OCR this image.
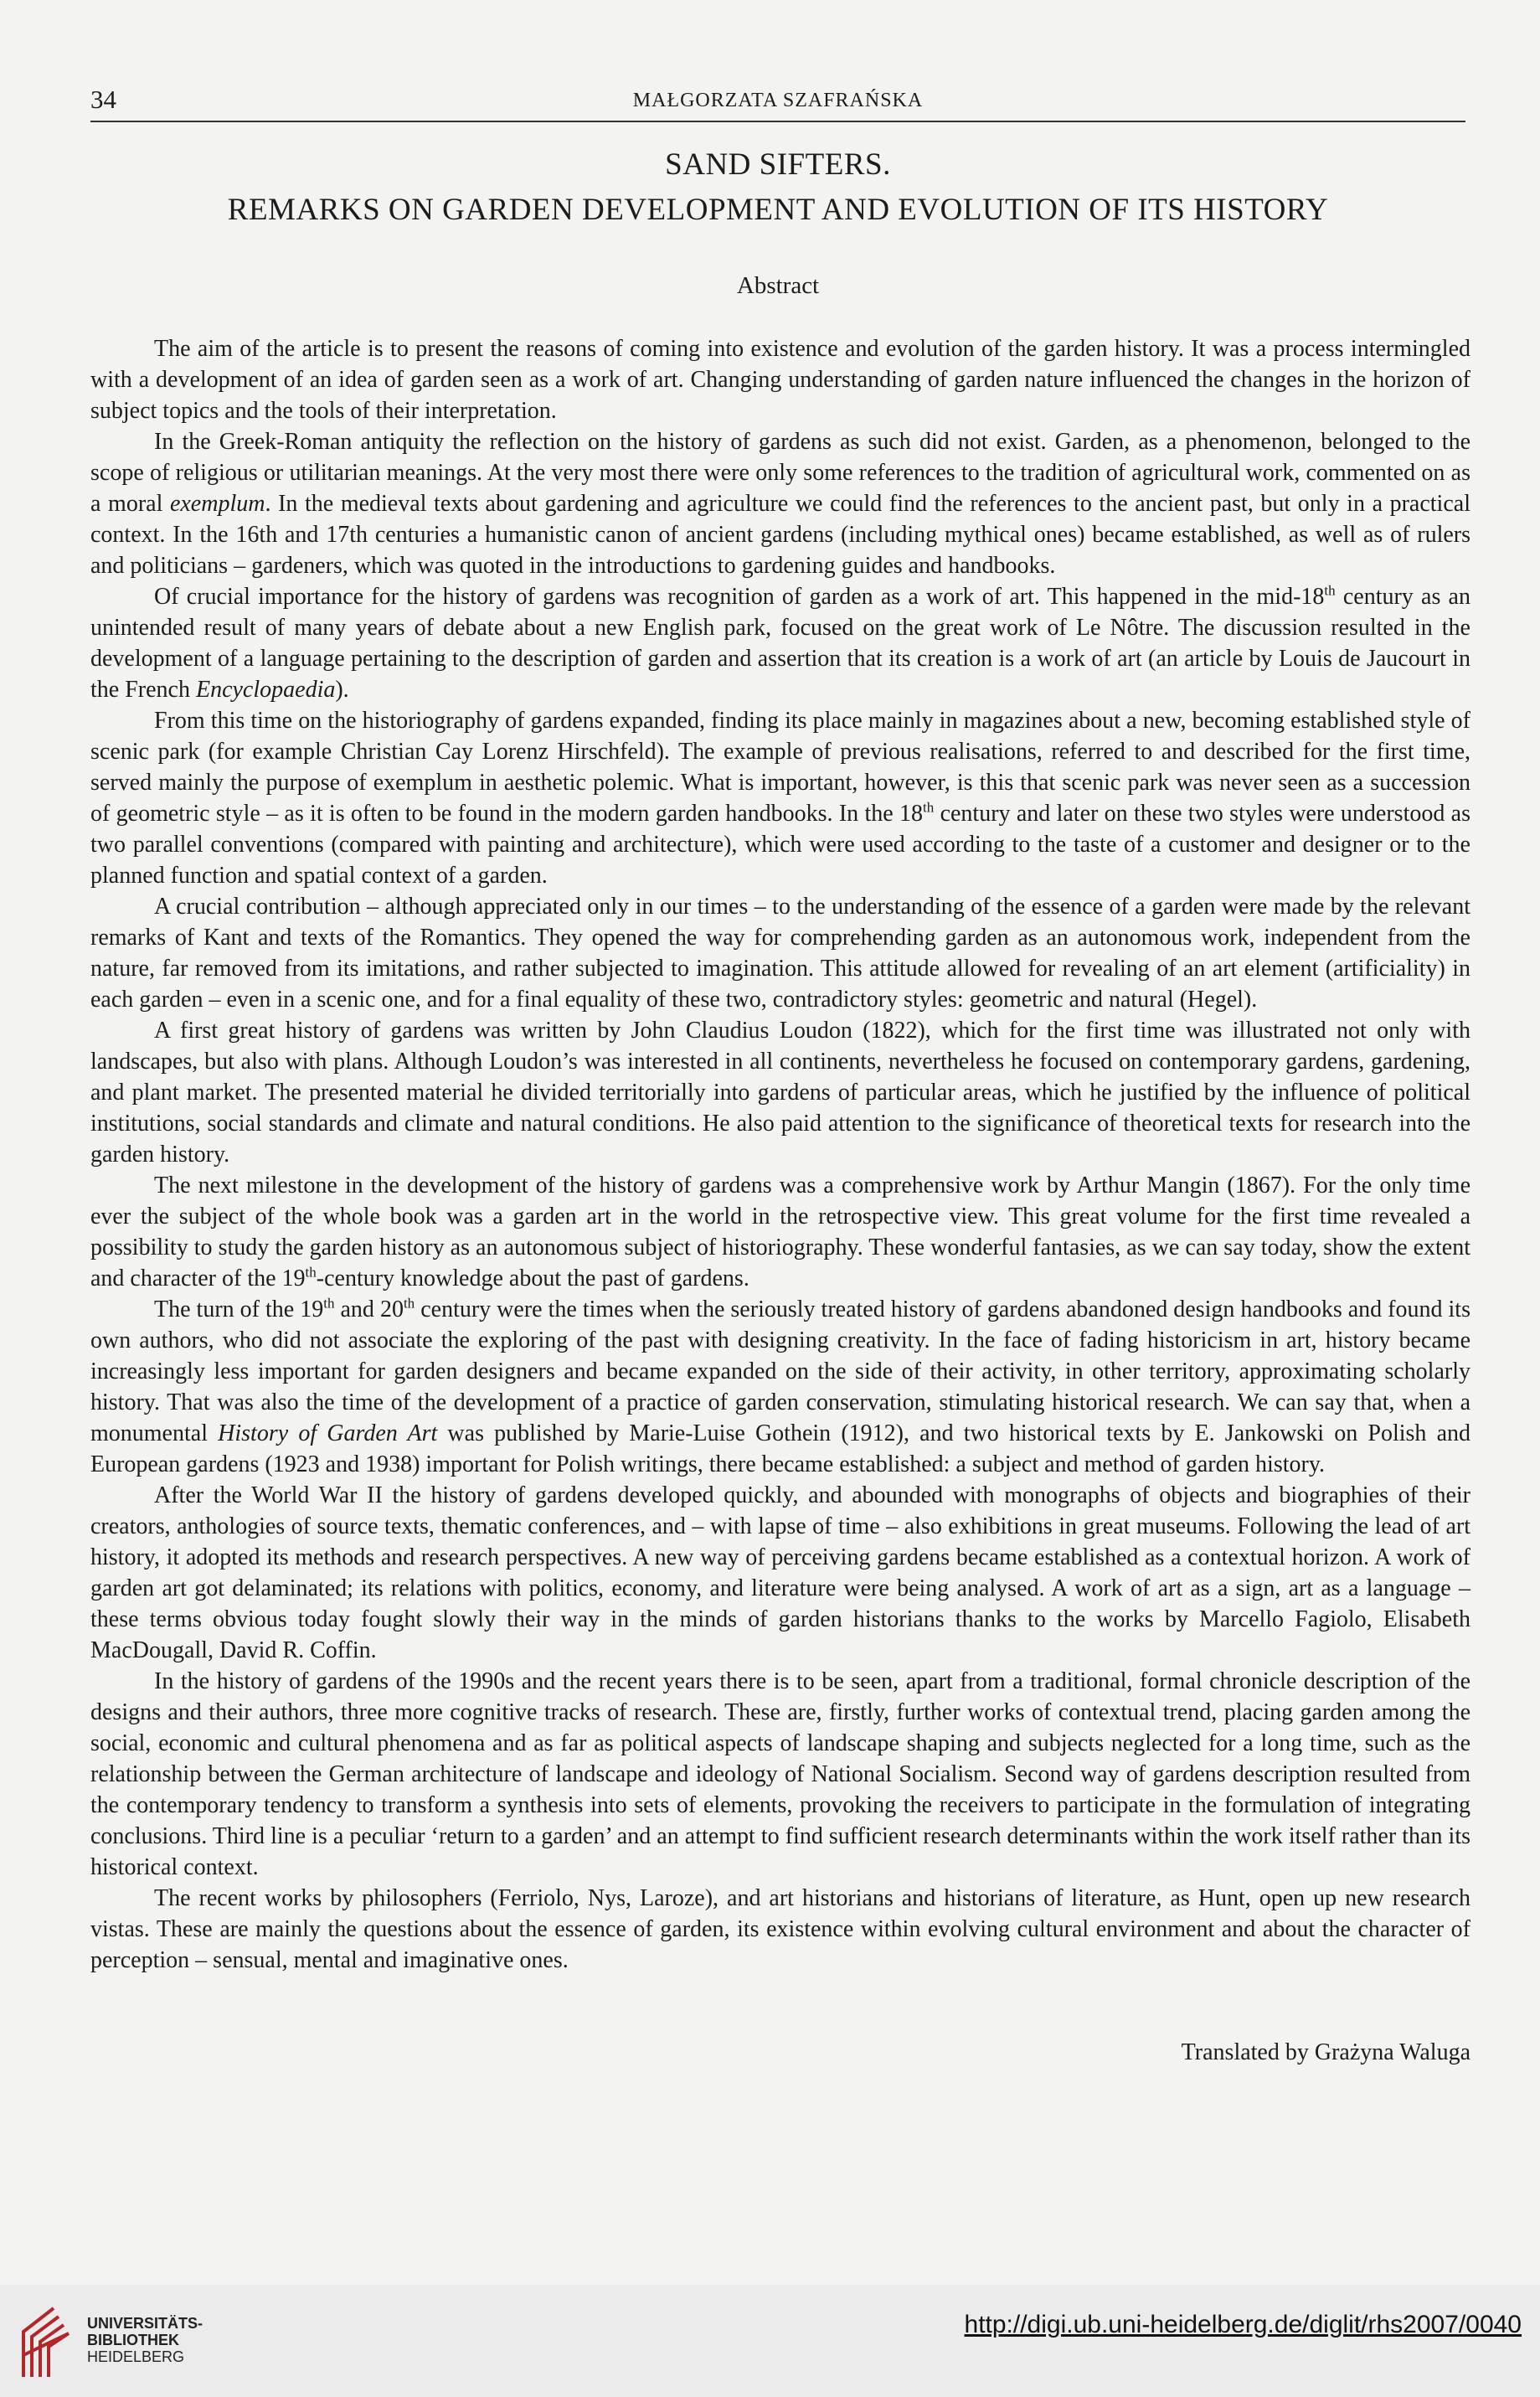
34	MAŁGORZATA SZAFRAŃSKA
SAND SIFTERS.
REMARKS ON GARDEN DEVELOPMENT AND EVOLUTION OF ITS HISTORY
Abstract

The aim of the article is to present the reasons of coming into existence and evolution of the garden history. It was a process intermingled with a development of an idea of garden seen as a work of art. Changing understanding of garden nature influenced the changes in the horizon of subject topics and the tools of their interpretation.

In the Greek-Roman antiquity the reflection on the history of gardens as such did not exist. Garden, as a phenomenon, belonged to the scope of religious or utilitarian meanings. At the very most there were only some references to the tradition of agricultural work, commented on as a moral exemplum. In the medieval texts about gardening and agriculture we could find the references to the ancient past, but only in a practical context. In the 16th and 17th centuries a humanistic canon of ancient gardens (including mythical ones) became established, as well as of rulers and politicians – gardeners, which was quoted in the introductions to gardening guides and handbooks.

Of crucial importance for the history of gardens was recognition of garden as a work of art. This happened in the mid-18th century as an unintended result of many years of debate about a new English park, focused on the great work of Le Nôtre. The discussion resulted in the development of a language pertaining to the description of garden and assertion that its creation is a work of art (an article by Louis de Jaucourt in the French Encyclopaedia).

From this time on the historiography of gardens expanded, finding its place mainly in magazines about a new, becoming established style of scenic park (for example Christian Cay Lorenz Hirschfeld). The example of previous realisations, referred to and described for the first time, served mainly the purpose of exemplum in aesthetic polemic. What is important, however, is this that scenic park was never seen as a succession of geometric style – as it is often to be found in the modern garden handbooks. In the 18th century and later on these two styles were understood as two parallel conventions (compared with painting and architecture), which were used according to the taste of a customer and designer or to the planned function and spatial context of a garden.

A crucial contribution – although appreciated only in our times – to the understanding of the essence of a garden were made by the relevant remarks of Kant and texts of the Romantics. They opened the way for comprehending garden as an autonomous work, independent from the nature, far removed from its imitations, and rather subjected to imagination. This attitude allowed for revealing of an art element (artificiality) in each garden – even in a scenic one, and for a final equality of these two, contradictory styles: geometric and natural (Hegel).

A first great history of gardens was written by John Claudius Loudon (1822), which for the first time was illustrated not only with landscapes, but also with plans. Although Loudon’s was interested in all continents, nevertheless he focused on contemporary gardens, gardening, and plant market. The presented material he divided territorially into gardens of particular areas, which he justified by the influence of political institutions, social standards and climate and natural conditions. He also paid attention to the significance of theoretical texts for research into the garden history.

The next milestone in the development of the history of gardens was a comprehensive work by Arthur Mangin (1867). For the only time ever the subject of the whole book was a garden art in the world in the retrospective view. This great volume for the first time revealed a possibility to study the garden history as an autonomous subject of historiography. These wonderful fantasies, as we can say today, show the extent and character of the 19th-century knowledge about the past of gardens.

The turn of the 19th and 20th century were the times when the seriously treated history of gardens abandoned design handbooks and found its own authors, who did not associate the exploring of the past with designing creativity. In the face of fading historicism in art, history became increasingly less important for garden designers and became expanded on the side of their activity, in other territory, approximating scholarly history. That was also the time of the development of a practice of garden conservation, stimulating historical research. We can say that, when a monumental History of Garden Art was published by Marie-Luise Gothein (1912), and two historical texts by E. Jankowski on Polish and European gardens (1923 and 1938) important for Polish writings, there became established: a subject and method of garden history.

After the World War II the history of gardens developed quickly, and abounded with monographs of objects and biographies of their creators, anthologies of source texts, thematic conferences, and – with lapse of time – also exhibitions in great museums. Following the lead of art history, it adopted its methods and research perspectives. A new way of perceiving gardens became established as a contextual horizon. A work of garden art got delaminated; its relations with politics, economy, and literature were being analysed. A work of art as a sign, art as a language – these terms obvious today fought slowly their way in the minds of garden historians thanks to the works by Marcello Fagiolo, Elisabeth MacDougall, David R. Coffin.

In the history of gardens of the 1990s and the recent years there is to be seen, apart from a traditional, formal chronicle description of the designs and their authors, three more cognitive tracks of research. These are, firstly, further works of contextual trend, placing garden among the social, economic and cultural phenomena and as far as political aspects of landscape shaping and subjects neglected for a long time, such as the relationship between the German architecture of landscape and ideology of National Socialism. Second way of gardens description resulted from the contemporary tendency to transform a synthesis into sets of elements, provoking the receivers to participate in the formulation of integrating conclusions. Third line is a peculiar ‘return to a garden’ and an attempt to find sufficient research determinants within the work itself rather than its historical context.

The recent works by philosophers (Ferriolo, Nys, Laroze), and art historians and historians of literature, as Hunt, open up new research vistas. These are mainly the questions about the essence of garden, its existence within evolving cultural environment and about the character of perception – sensual, mental and imaginative ones.

Translated by Grażyna Waluga
UNIVERSITÄTS-
BIBLIOTHEK
HEIDELBERG
http://digi.ub.uni-heidelberg.de/diglit/rhs2007/0040
